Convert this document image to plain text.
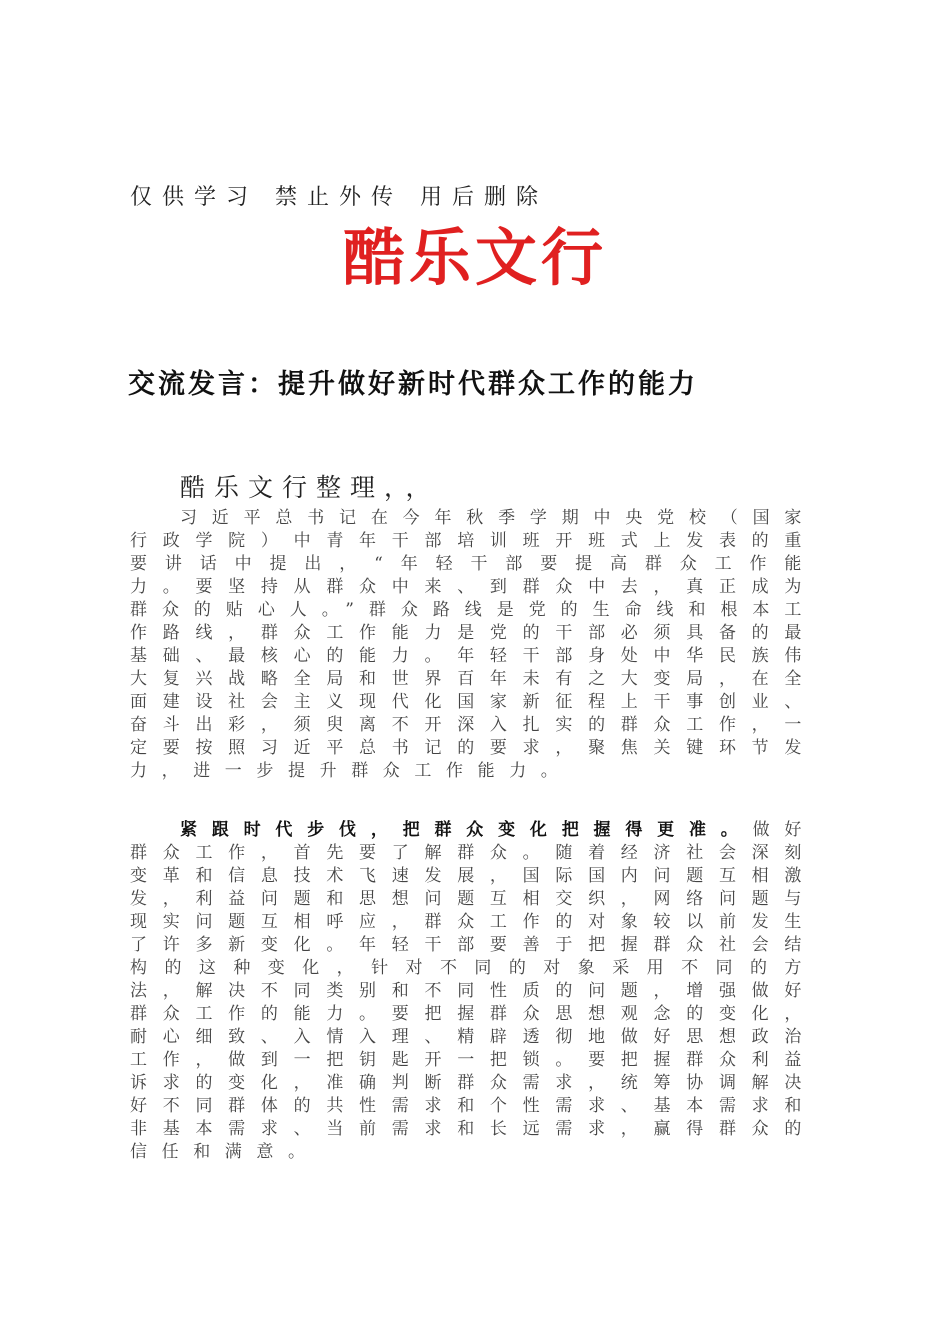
仅供学习 禁止外传 用后删除
酷乐文行
交流发言：提升做好新时代群众工作的能力
酷乐文行整理，，

习近平总书记在今年秋季学期中央党校（国家行政学院）中青年干部培训班开班式上发表的重要讲话中提出，“年轻干部要提高群众工作能力。要坚持从群众中来、到群众中去，真正成为群众的贴心人。”群众路线是党的生命线和根本工作路线，群众工作能力是党的干部必须具备的最基础、最核心的能力。年轻干部身处中华民族伟大复兴战略全局和世界百年未有之大变局，在全面建设社会主义现代化国家新征程上干事创业、奋斗出彩，须臾离不开深入扎实的群众工作，一定要按照习近平总书记的要求，聚焦关键环节发力，进一步提升群众工作能力。

紧跟时代步伐，把群众变化把握得更准。做好群众工作，首先要了解群众。随着经济社会深刻变革和信息技术飞速发展，国际国内问题互相激发，利益问题和思想问题互相交织，网络问题与现实问题互相呼应，群众工作的对象较以前发生了许多新变化。年轻干部要善于把握群众社会结构的这种变化，针对不同的对象采用不同的方法，解决不同类别和不同性质的问题，增强做好群众工作的能力。要把握群众思想观念的变化，耐心细致、入情入理、精辟透彻地做好思想政治工作，做到一把钥匙开一把锁。要把握群众利益诉求的变化，准确判断群众需求，统筹协调解决好不同群体的共性需求和个性需求、基本需求和非基本需求、当前需求和长远需求，赢得群众的信任和满意。
